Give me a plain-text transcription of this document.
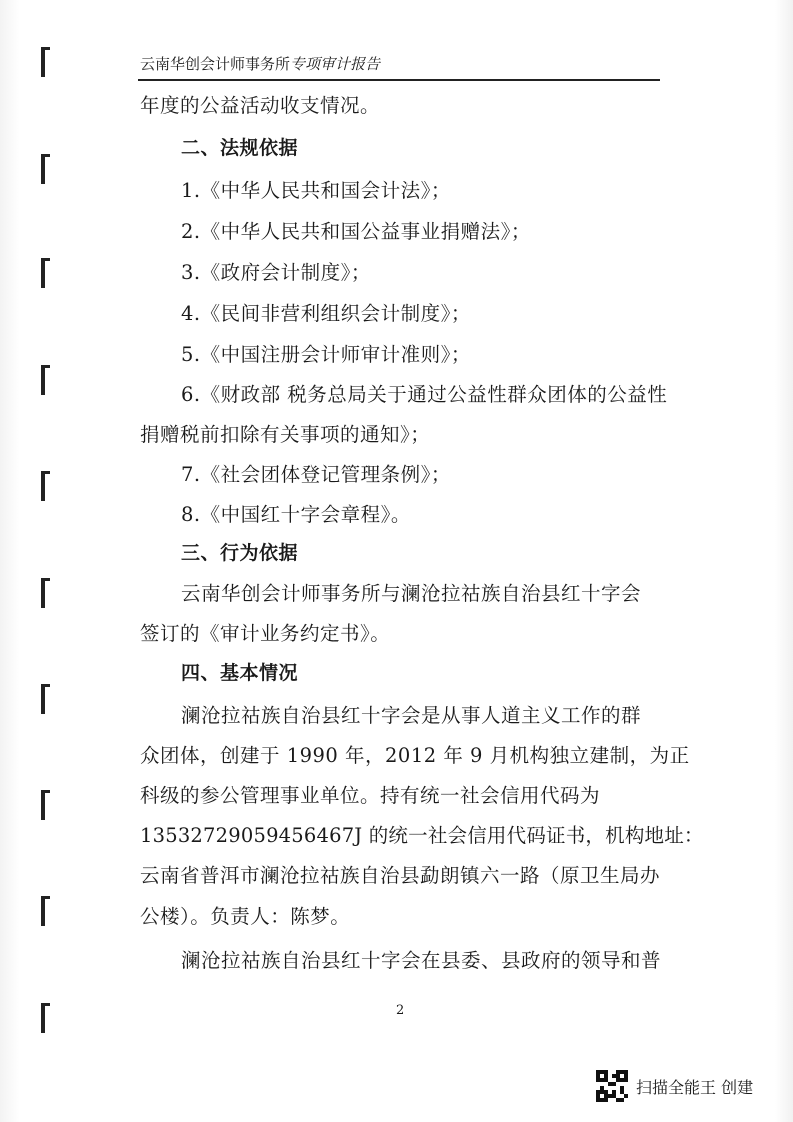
云南华创会计师事务所专项审计报告
年度的公益活动收支情况。
二、法规依据
1.《中华人民共和国会计法》；
2.《中华人民共和国公益事业捐赠法》；
3.《政府会计制度》；
4.《民间非营利组织会计制度》；
5.《中国注册会计师审计准则》；
6.《财政部 税务总局关于通过公益性群众团体的公益性
捐赠税前扣除有关事项的通知》；
7.《社会团体登记管理条例》；
8.《中国红十字会章程》。
三、行为依据
云南华创会计师事务所与澜沧拉祜族自治县红十字会
签订的《审计业务约定书》。
四、基本情况
澜沧拉祜族自治县红十字会是从事人道主义工作的群
众团体，创建于 1990 年，2012 年 9 月机构独立建制，为正
科级的参公管理事业单位。持有统一社会信用代码为
13532729059456467J 的统一社会信用代码证书，机构地址：
云南省普洱市澜沧拉祜族自治县勐朗镇六一路（原卫生局办
公楼）。负责人：陈梦。
澜沧拉祜族自治县红十字会在县委、县政府的领导和普
2
扫描全能王 创建
